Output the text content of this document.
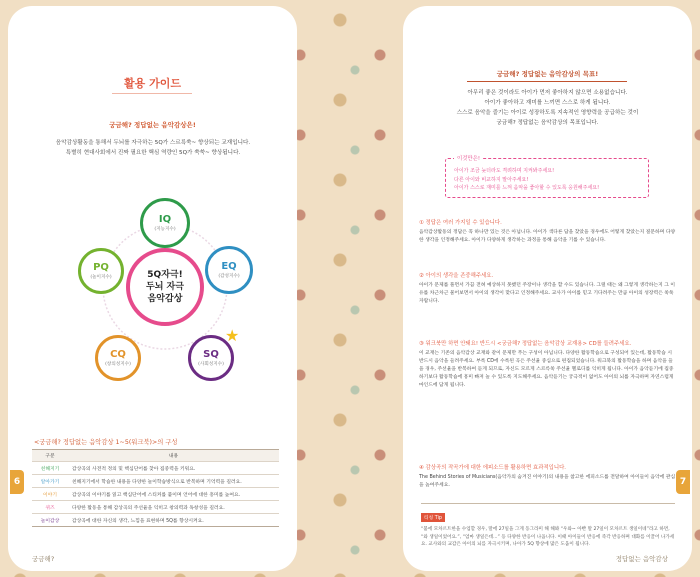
활용 가이드
궁금해? 정답없는 음악감상은!
음악감상활동을 통해서 두뇌를 자극하는 5Q가 스르륵쑥~ 향상되는 교재입니다.
특별히 현대사회에서 진짜 필요한 핵심 역량인 5Q가 쑥쑥~ 향상됩니다.
IQ
(지능지수)
EQ
(감성지수)
SQ
(사회성지수)
★
CQ
(창의성지수)
PQ
(놀이지수)	5Q자극!
두뇌 자극
음악감상
<궁금해? 정답없는 음악감상 1~5(워크북)>의 구성
구분	내용
친해지기	감상곡의 사전적 정의 및 핵심단어를 찾아 집중력을 키워요.
알아가기	친해지기에서 학습한 내용을 다양한 놀이학습방식으로 반복하며 기억력을 길러요.
이야기	감상곡의 이야기를 읽고 핵심단어에 스티커를 붙이며 언어에 대한 흥미를 높여요.
퀴즈	다양한 활동을 통해 감상곡의 주선율을 익히고 창의력과 독창성을 길러요.
놀이감상	감상곡에 대한 자신의 생각, 느낌을 표현하며 5Q를 향상시켜요.
궁금해?
6
궁금해? 정답없는 음악감상의 목표!
아무리 좋은 것이라도 아이가 먼저 좋아하지 않으면 소용없습니다.
아이가 좋아하고 재미를 느끼면 스스로 하게 됩니다.
스스로 음악을 즐기는 아이로 성장하도록 지속적인 영향력을 공급하는 것이
궁금해? 정답없는 음악감상의 목표입니다.
이것만은!

아이가 조금 늦더라도 격려하며 지켜봐주세요!

다른 아이와 비교하지 말아주세요!

아이가 스스로 재미를 느껴 음악을 좋아할 수 있도록 응원해주세요!

① 정답은 여러 가지일 수 있습니다.
음악감상활동의 정답은 꼭 하나만 있는 것은 아닙니다. 아이가 색다른 답을 찾았을 경우에도 어떻게 찾았는지 질문하며 다양한 생각을 인정해주세요. 아이가 다양하게 생각하는 과정을 통해 음악을 기를 수 있습니다.
② 아이의 생각을 존중해주세요.
아이가 문제를 풀면서 가끔 전혀 예상하지 못했던 주장이나 생각을 할 수도 있습니다. 그럴 때는 왜 그렇게 생각하는지 그 이유를 차근차근 물어보면서 아이의 생각이 맞다고 인정해주세요. 교사가 아이를 믿고 기다려주는 만큼 아이의 성장력은 쑥쑥 자랍니다.
③ 워크북만 하면 안돼요! 반드시 <궁금해? 정답없는 음악감상 교재용> CD를 들려주세요.
이 교재는 기존의 음악감상 교재와 같이 문제만 푸는 구성이 아닙니다. 다양한 활동학습으로 구성되어 있는데, 활동학습 시 반드시 음악을 들려주세요. 부록 CD에 수록된 곡은 주선율 중심으로 편집되었습니다. 워크북의 활동학습을 하며 음악을 들을 경우, 주선율을 반복하여 듣게 되므로, 자신도 모르게 스르륵쑥 주선율 멜로디를 익히게 됩니다. 아이가 음악듣기에 집중하기보다 활동학습에 흥미 빠져 놀 수 있도록 지도해주세요. 음악듣기는 궁극적이 없어도 아이의 뇌를 자극하며 자연스럽게 마인드에 담게 됩니다.
④ 감상곡의 작곡가에 대한 에피소드를 활용하면 효과적입니다.
The Behind Stories of Musicians(음악가의 숨겨진 이야기)의 내용을 참고한 에피소드를 전달하여 아이들이 음악에 관심을 높여주세요.
티칭 Tip

“불에 모차르트한을 수업할 경우, 딸에 27일을 그게 동그라미 해 해봐 “우와~ 아빤 딸 27일이 모차르트 생일이네”라고 하면, “와 생일이었어요.”, “엄마 생일은데...” 등 다양한 반응이 나옵니다. 이때 아이들이 반응에 즉각 반응하며 대화를 이끌어 나가세요. 교사와의 교감은 아이의 뇌를 자극시키며, 나아가 5Q 향상에 많은 도움이 됩니다.

정답없는 음악감상
7
